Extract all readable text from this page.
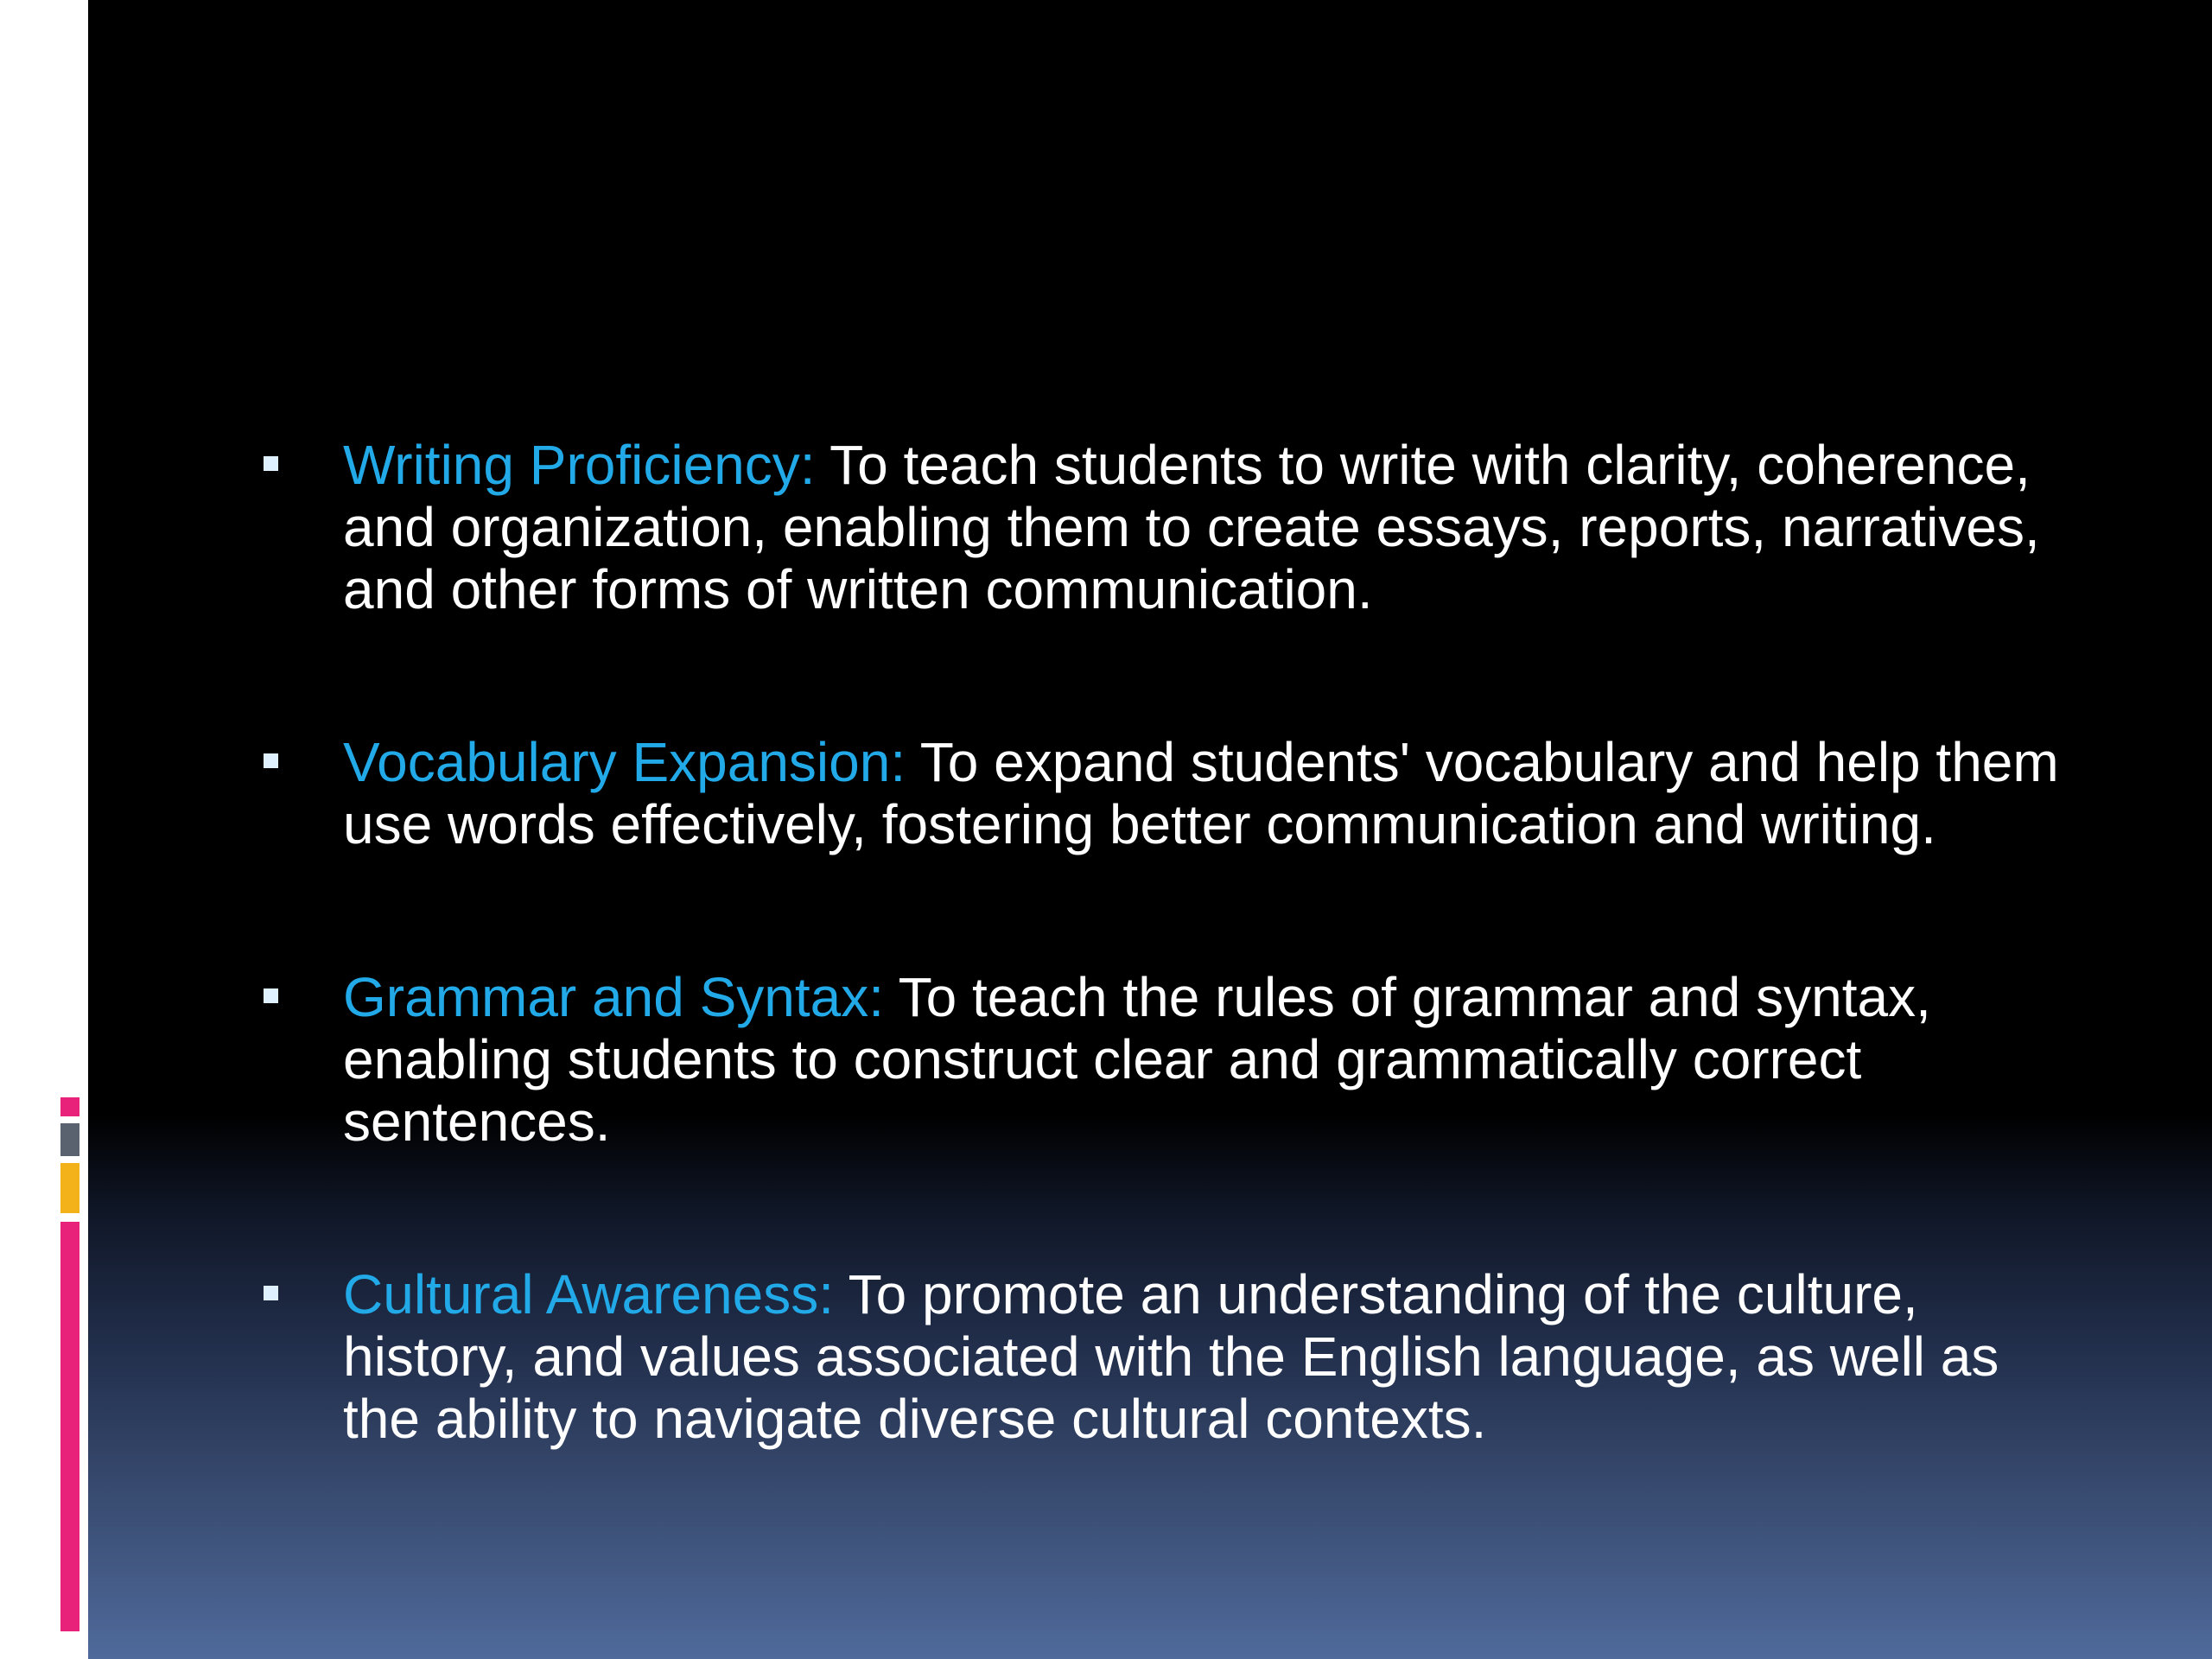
Writing Proficiency: To teach students to write with clarity, coherence, and organization, enabling them to create essays, reports, narratives, and other forms of written communication.
Vocabulary Expansion: To expand students' vocabulary and help them use words effectively, fostering better communication and writing.
Grammar and Syntax: To teach the rules of grammar and syntax, enabling students to construct clear and grammatically correct sentences.
Cultural Awareness: To promote an understanding of the culture, history, and values associated with the English language, as well as the ability to navigate diverse cultural contexts.
